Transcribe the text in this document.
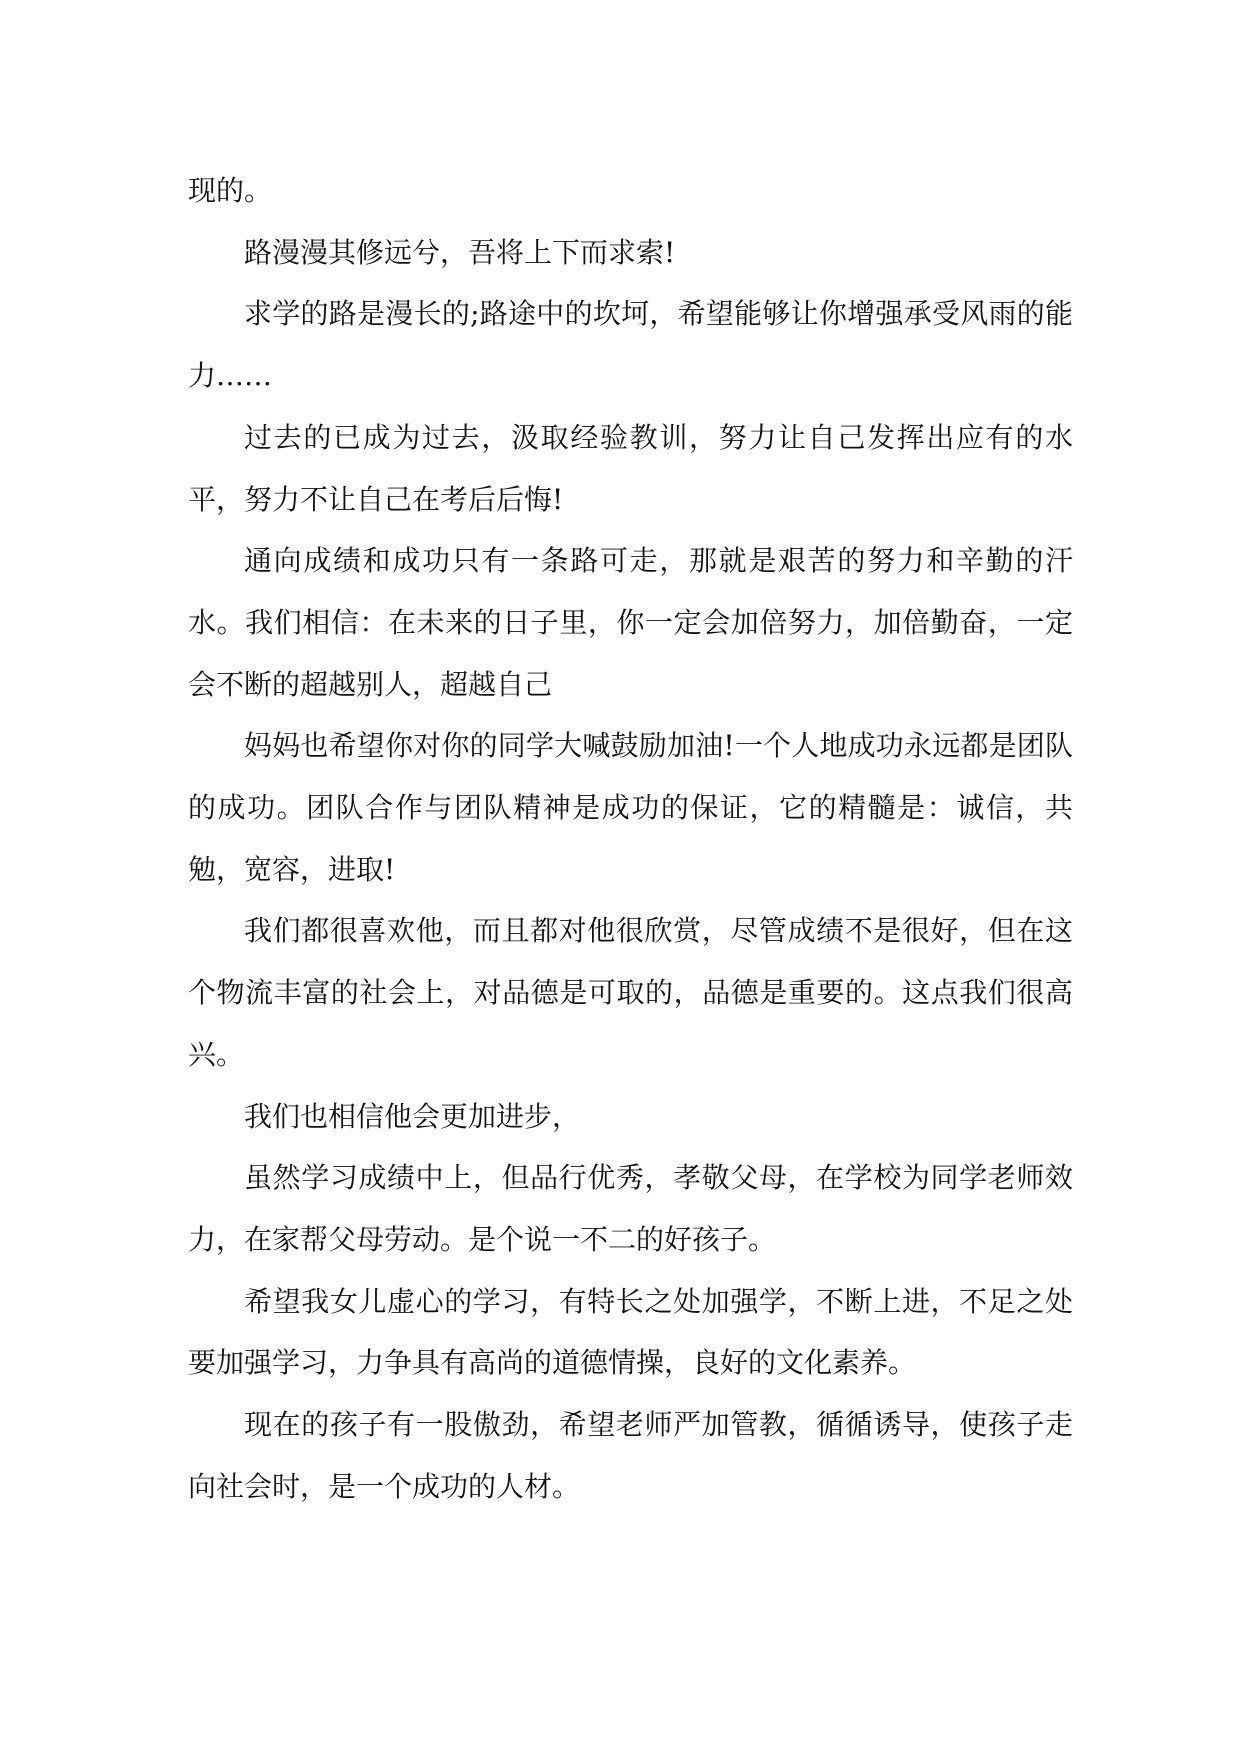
现的。

路漫漫其修远兮，吾将上下而求索!

求学的路是漫长的;路途中的坎坷，希望能够让你增强承受风雨的能力……

过去的已成为过去，汲取经验教训，努力让自己发挥出应有的水平，努力不让自己在考后后悔!

通向成绩和成功只有一条路可走，那就是艰苦的努力和辛勤的汗水。我们相信：在未来的日子里，你一定会加倍努力，加倍勤奋，一定会不断的超越别人，超越自己

妈妈也希望你对你的同学大喊鼓励加油!一个人地成功永远都是团队的成功。团队合作与团队精神是成功的保证，它的精髓是：诚信，共勉，宽容，进取!

我们都很喜欢他，而且都对他很欣赏，尽管成绩不是很好，但在这个物流丰富的社会上，对品德是可取的，品德是重要的。这点我们很高兴。

我们也相信他会更加进步，

虽然学习成绩中上，但品行优秀，孝敬父母，在学校为同学老师效力，在家帮父母劳动。是个说一不二的好孩子。

希望我女儿虚心的学习，有特长之处加强学，不断上进，不足之处要加强学习，力争具有高尚的道德情操，良好的文化素养。

现在的孩子有一股傲劲，希望老师严加管教，循循诱导，使孩子走向社会时，是一个成功的人材。
